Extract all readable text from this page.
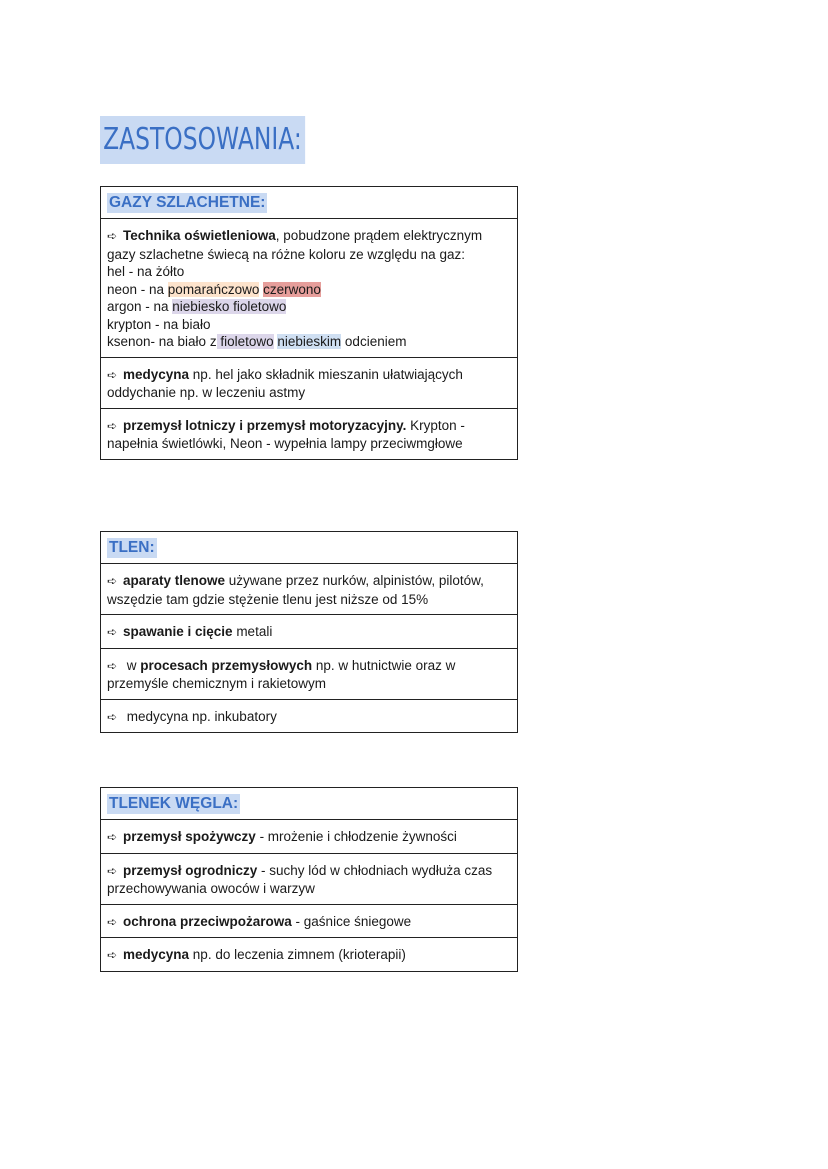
ZASTOSOWANIA:
GAZY SZLACHETNE:
➪ Technika oświetleniowa, pobudzone prądem elektrycznym gazy szlachetne świecą na różne koloru ze względu na gaz:
hel - na żółto
neon - na pomarańczowo czerwono
argon - na niebiesko fioletowo
krypton - na biało
ksenon- na biało z fioletowo niebieskim odcieniem
➪ medycyna np. hel jako składnik mieszanin ułatwiających oddychanie np. w leczeniu astmy
➪ przemysł lotniczy i przemysł motoryzacyjny. Krypton - napełnia świetlówki, Neon - wypełnia lampy przeciwmgłowe
TLEN:
➪ aparaty tlenowe używane przez nurków, alpinistów, pilotów, wszędzie tam gdzie stężenie tlenu jest niższe od 15%
➪ spawanie i cięcie metali
➪ w procesach przemysłowych np. w hutnictwie oraz w przemyśle chemicznym i rakietowym
➪ medycyna np. inkubatory
TLENEK WĘGLA:
➪ przemysł spożywczy - mrożenie i chłodzenie żywności
➪ przemysł ogrodniczy - suchy lód w chłodniach wydłuża czas przechowywania owoców i warzyw
➪ ochrona przeciwpożarowa - gaśnice śniegowe
➪ medycyna np. do leczenia zimnem (krioterapii)
